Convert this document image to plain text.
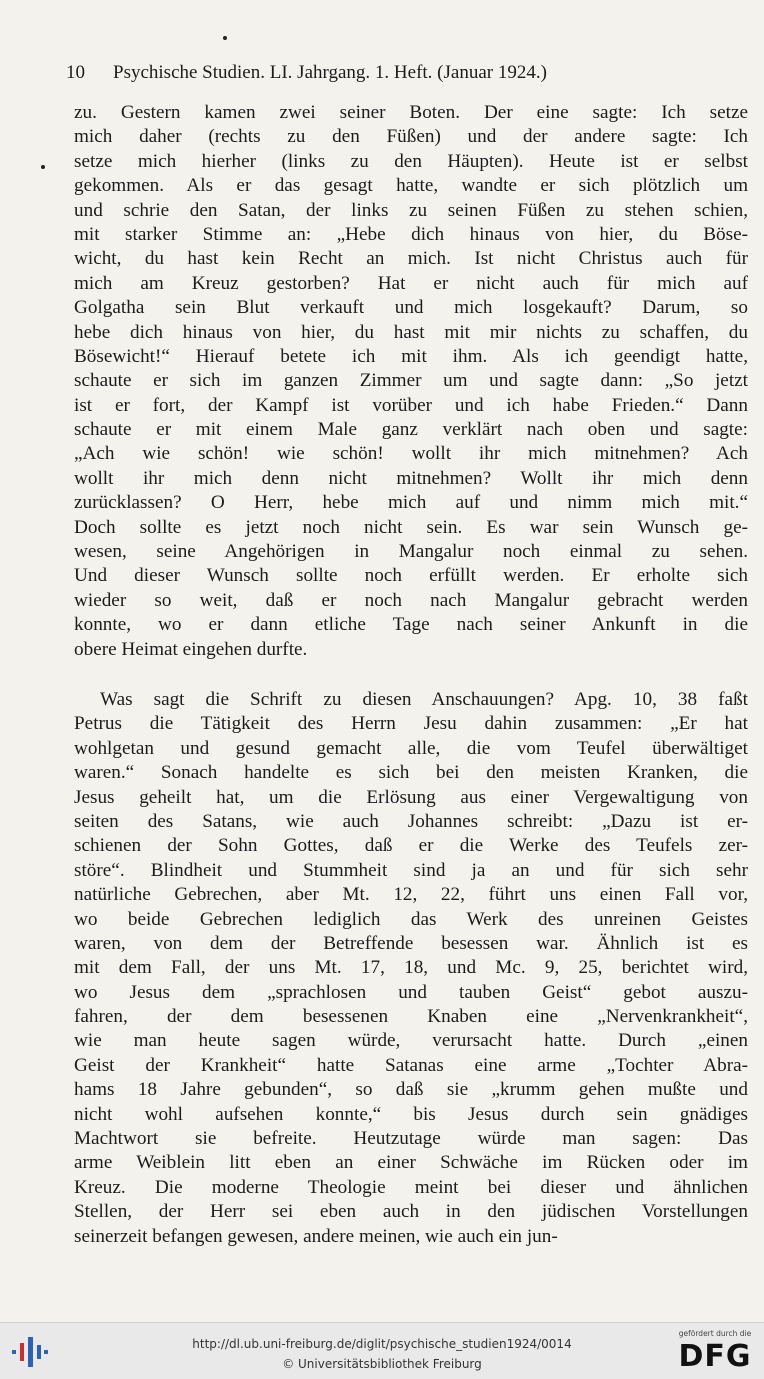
10 Psychische Studien. LI. Jahrgang. 1. Heft. (Januar 1924.)
zu. Gestern kamen zwei seiner Boten. Der eine sagte: Ich setze
mich daher (rechts zu den Füßen) und der andere sagte: Ich
setze mich hierher (links zu den Häupten). Heute ist er selbst
gekommen. Als er das gesagt hatte, wandte er sich plötzlich um
und schrie den Satan, der links zu seinen Füßen zu stehen schien,
mit starker Stimme an: „Hebe dich hinaus von hier, du Böse-
wicht, du hast kein Recht an mich. Ist nicht Christus auch für
mich am Kreuz gestorben? Hat er nicht auch für mich auf
Golgatha sein Blut verkauft und mich losgekauft? Darum, so
hebe dich hinaus von hier, du hast mit mir nichts zu schaffen, du
Bösewicht!“ Hierauf betete ich mit ihm. Als ich geendigt hatte,
schaute er sich im ganzen Zimmer um und sagte dann: „So jetzt
ist er fort, der Kampf ist vorüber und ich habe Frieden.“ Dann
schaute er mit einem Male ganz verklärt nach oben und sagte:
„Ach wie schön! wie schön! wollt ihr mich mitnehmen? Ach
wollt ihr mich denn nicht mitnehmen? Wollt ihr mich denn
zurücklassen? O Herr, hebe mich auf und nimm mich mit.“
Doch sollte es jetzt noch nicht sein. Es war sein Wunsch ge-
wesen, seine Angehörigen in Mangalur noch einmal zu sehen.
Und dieser Wunsch sollte noch erfüllt werden. Er erholte sich
wieder so weit, daß er noch nach Mangalur gebracht werden
konnte, wo er dann etliche Tage nach seiner Ankunft in die
obere Heimat eingehen durfte.
Was sagt die Schrift zu diesen Anschauungen? Apg. 10, 38 faßt
Petrus die Tätigkeit des Herrn Jesu dahin zusammen: „Er hat
wohlgetan und gesund gemacht alle, die vom Teufel überwältiget
waren.“ Sonach handelte es sich bei den meisten Kranken, die
Jesus geheilt hat, um die Erlösung aus einer Vergewaltigung von
seiten des Satans, wie auch Johannes schreibt: „Dazu ist er-
schienen der Sohn Gottes, daß er die Werke des Teufels zer-
störe“. Blindheit und Stummheit sind ja an und für sich sehr
natürliche Gebrechen, aber Mt. 12, 22, führt uns einen Fall vor,
wo beide Gebrechen lediglich das Werk des unreinen Geistes
waren, von dem der Betreffende besessen war. Ähnlich ist es
mit dem Fall, der uns Mt. 17, 18, und Mc. 9, 25, berichtet wird,
wo Jesus dem „sprachlosen und tauben Geist“ gebot auszu-
fahren, der dem besessenen Knaben eine „Nervenkrankheit“,
wie man heute sagen würde, verursacht hatte. Durch „einen
Geist der Krankheit“ hatte Satanas eine arme „Tochter Abra-
hams 18 Jahre gebunden“, so daß sie „krumm gehen mußte und
nicht wohl aufsehen konnte,“ bis Jesus durch sein gnädiges
Machtwort sie befreite. Heutzutage würde man sagen: Das
arme Weiblein litt eben an einer Schwäche im Rücken oder im
Kreuz. Die moderne Theologie meint bei dieser und ähnlichen
Stellen, der Herr sei eben auch in den jüdischen Vorstellungen
seinerzeit befangen gewesen, andere meinen, wie auch ein jun-
http://dl.ub.uni-freiburg.de/diglit/psychische_studien1924/0014
© Universitätsbibliothek Freiburg
gefördert durch die
DFG
